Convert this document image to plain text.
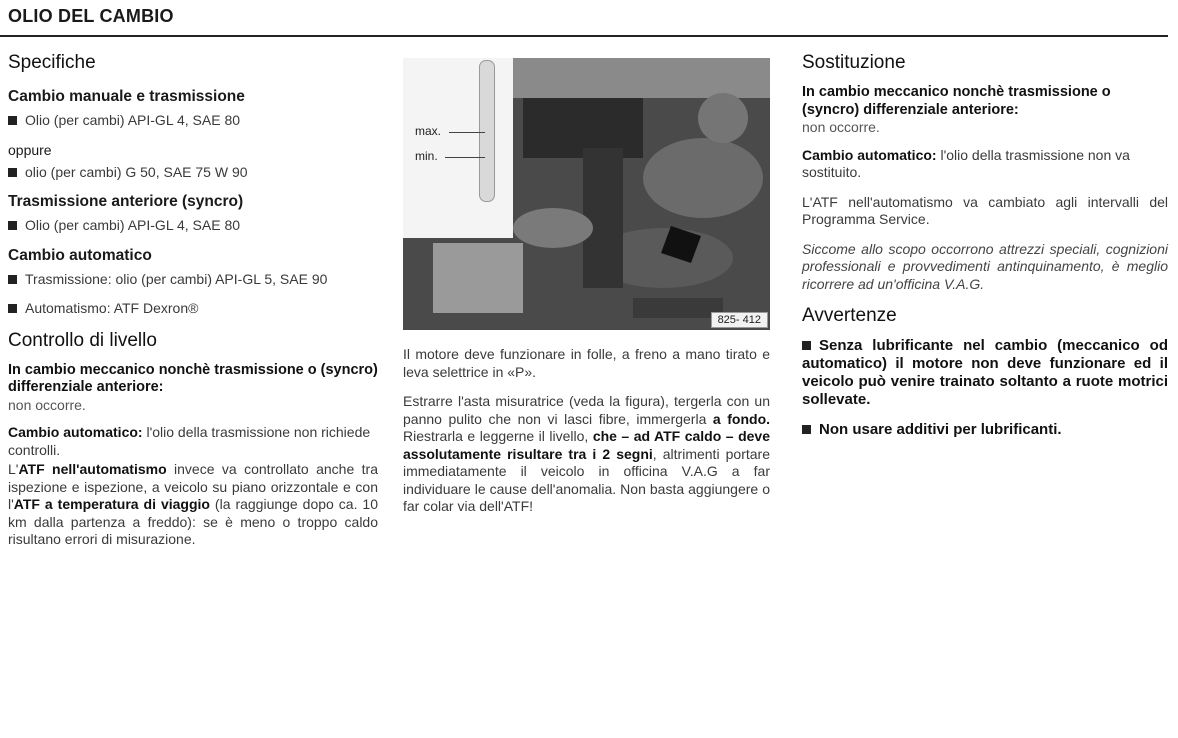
OLIO DEL CAMBIO
Specifiche
Cambio manuale e trasmissione

Olio (per cambi) API-GL 4, SAE 80

oppure

olio (per cambi) G 50, SAE 75 W 90

Trasmissione anteriore (syncro)

Olio (per cambi) API-GL 4, SAE 80

Cambio automatico

Trasmissione: olio (per cambi) API-GL 5, SAE 90

Automatismo: ATF Dexron®

Controllo di livello

In cambio meccanico nonchè trasmissione o (syncro) differenziale anteriore:

non occorre.

Cambio automatico: l'olio della trasmissione non richiede controlli.

L'ATF nell'automatismo invece va controllato anche tra ispezione e ispezione, a veicolo su piano orizzontale e con l'ATF a temperatura di viaggio (la raggiunge dopo ca. 10 km dalla partenza a freddo): se è meno o troppo caldo risultano errori di misurazione.

max.
min.
825- 412

Il motore deve funzionare in folle, a freno a mano tirato e leva selettrice in «P».

Estrarre l'asta misuratrice (veda la figura), tergerla con un panno pulito che non vi lasci fibre, immergerla a fondo. Riestrarla e leggerne il livello, che – ad ATF caldo – deve assolutamente risultare tra i 2 segni, altrimenti portare immediatamente il veicolo in officina V.A.G a far individuare le cause dell'anomalia. Non basta aggiungere o far colar via dell'ATF!

Sostituzione

In cambio meccanico nonchè trasmissione o (syncro) differenziale anteriore:

non occorre.

Cambio automatico: l'olio della trasmissione non va sostituito.

L'ATF nell'automatismo va cambiato agli intervalli del Programma Service.

Siccome allo scopo occorrono attrezzi speciali, cognizioni professionali e provvedimenti antinquinamento, è meglio ricorrere ad un'officina V.A.G.

Avvertenze

Senza lubrificante nel cambio (meccanico od automatico) il motore non deve funzionare ed il veicolo può venire trainato soltanto a ruote motrici sollevate.

Non usare additivi per lubrificanti.
